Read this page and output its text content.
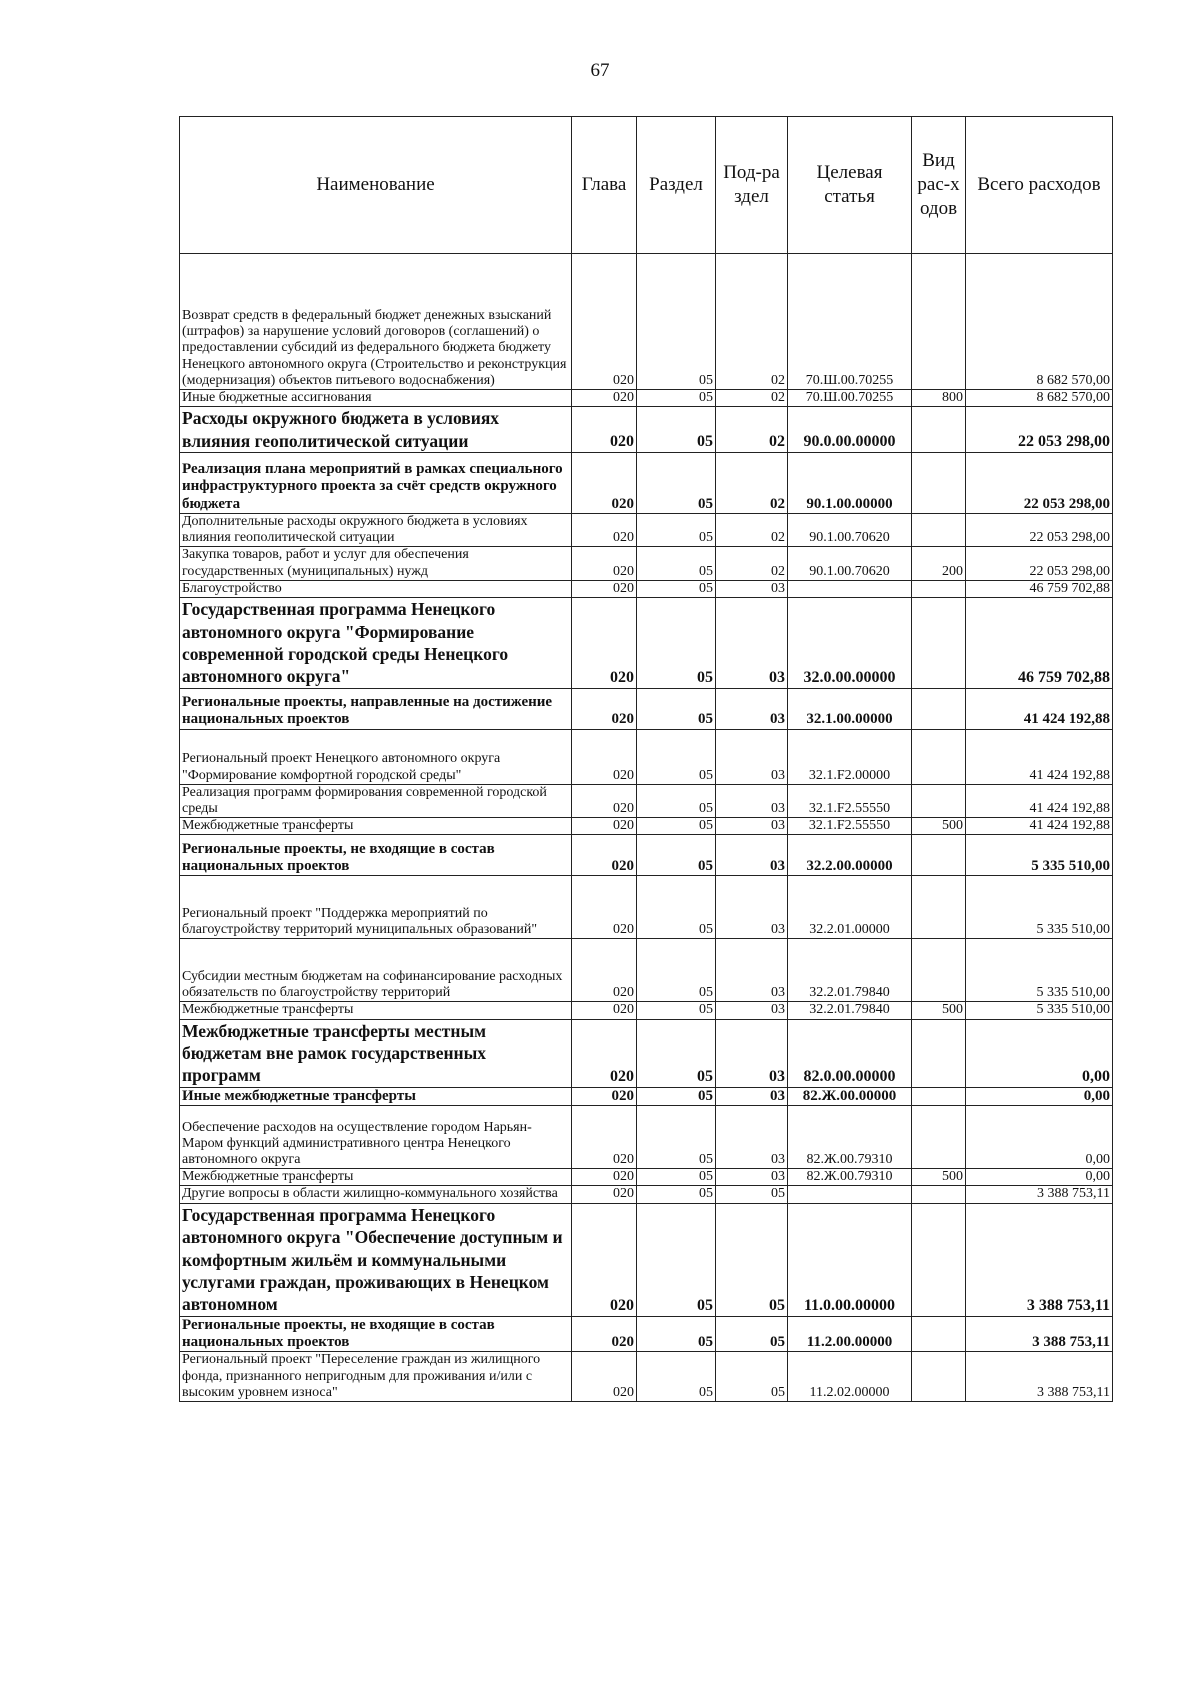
67
Наименование	Глава	Раздел	Под-раздел	Целевая статья	Вид рас-ходов	Всего расходов
Возврат средств в федеральный бюджет денежных взысканий (штрафов) за нарушение условий договоров (соглашений) о предоставлении субсидий из федерального бюджета бюджету Ненецкого автономного округа (Строительство и реконструкция (модернизация) объектов питьевого водоснабжения)	020	05	02	70.Ш.00.70255		8 682 570,00
Иные бюджетные ассигнования	020	05	02	70.Ш.00.70255	800	8 682 570,00
Расходы окружного бюджета в условиях влияния геополитической ситуации	020	05	02	90.0.00.00000		22 053 298,00
Реализация плана мероприятий в рамках специального инфраструктурного проекта за счёт средств окружного бюджета	020	05	02	90.1.00.00000		22 053 298,00
Дополнительные расходы окружного бюджета в условиях влияния геополитической ситуации	020	05	02	90.1.00.70620		22 053 298,00
Закупка товаров, работ и услуг для обеспечения государственных (муниципальных) нужд	020	05	02	90.1.00.70620	200	22 053 298,00
Благоустройство	020	05	03			46 759 702,88
Государственная программа Ненецкого автономного округа "Формирование современной городской среды Ненецкого автономного округа"	020	05	03	32.0.00.00000		46 759 702,88
Региональные проекты, направленные на достижение национальных проектов	020	05	03	32.1.00.00000		41 424 192,88
Региональный проект Ненецкого автономного округа "Формирование комфортной городской среды"	020	05	03	32.1.F2.00000		41 424 192,88
Реализация программ формирования современной городской среды	020	05	03	32.1.F2.55550		41 424 192,88
Межбюджетные трансферты	020	05	03	32.1.F2.55550	500	41 424 192,88
Региональные проекты, не входящие в состав национальных проектов	020	05	03	32.2.00.00000		5 335 510,00
Региональный проект "Поддержка мероприятий по благоустройству территорий муниципальных образований"	020	05	03	32.2.01.00000		5 335 510,00
Субсидии местным бюджетам на софинансирование расходных обязательств по благоустройству территорий	020	05	03	32.2.01.79840		5 335 510,00
Межбюджетные трансферты	020	05	03	32.2.01.79840	500	5 335 510,00
Межбюджетные трансферты местным бюджетам вне рамок государственных программ	020	05	03	82.0.00.00000		0,00
Иные межбюджетные трансферты	020	05	03	82.Ж.00.00000		0,00
Обеспечение расходов на осуществление городом Нарьян-Маром функций административного центра Ненецкого автономного округа	020	05	03	82.Ж.00.79310		0,00
Межбюджетные трансферты	020	05	03	82.Ж.00.79310	500	0,00
Другие вопросы в области жилищно-коммунального хозяйства	020	05	05			3 388 753,11
Государственная программа Ненецкого автономного округа "Обеспечение доступным и комфортным жильём и коммунальными услугами граждан, проживающих в Ненецком автономном	020	05	05	11.0.00.00000		3 388 753,11
Региональные проекты, не входящие в состав национальных проектов	020	05	05	11.2.00.00000		3 388 753,11
Региональный проект "Переселение граждан из жилищного фонда, признанного непригодным для проживания и/или с высоким уровнем износа"	020	05	05	11.2.02.00000		3 388 753,11
